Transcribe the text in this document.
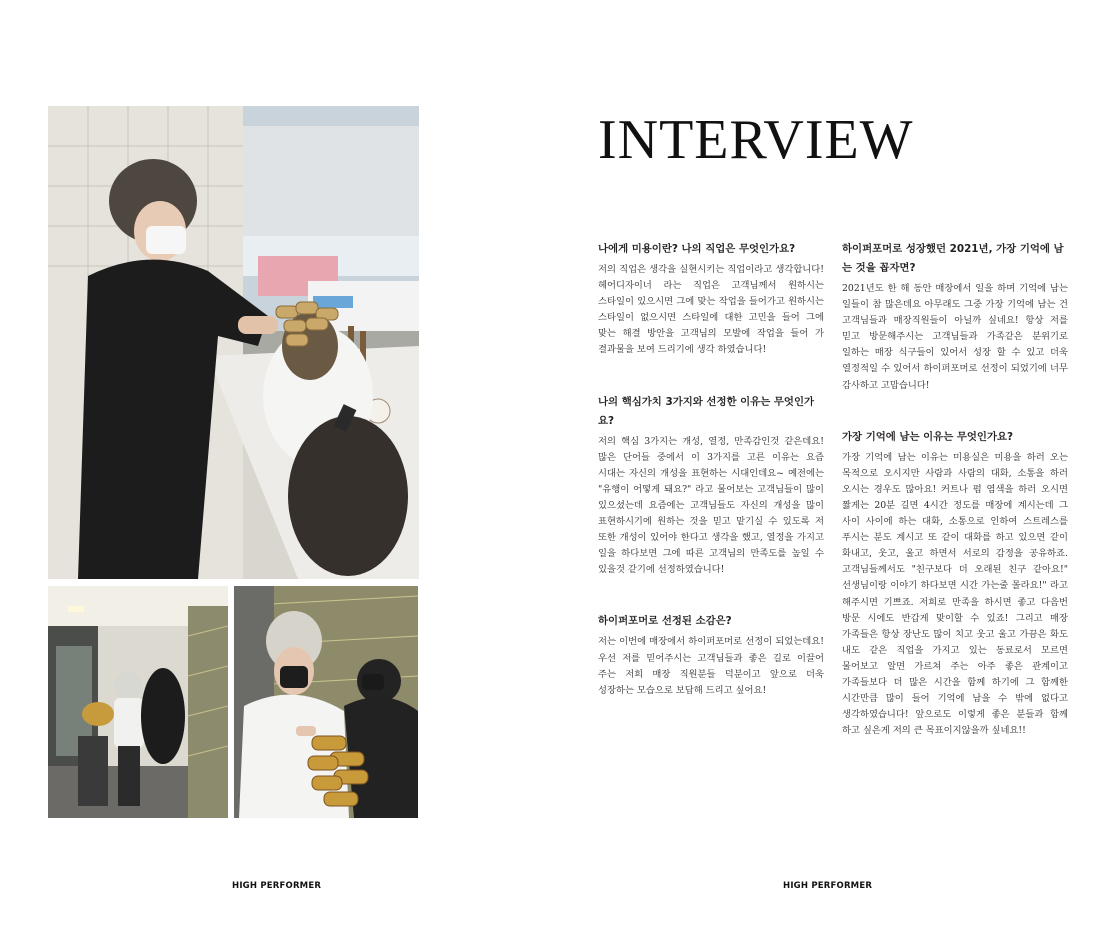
INTERVIEW

나에게 미용이란? 나의 직업은 무엇인가요?

저의 직업은 생각을 실현시키는 직업이라고 생각합니다! 헤어디자이너 라는 직업은 고객님께서 원하시는 스타일이 있으시면 그에 맞는 작업을 들어가고 원하시는 스타일이 없으시면 스타일에 대한 고민을 들어 그에 맞는 해결 방안을 고객님의 모발에 작업을 들어 가 결과물을 보여 드리기에 생각 하였습니다!

나의 핵심가치 3가지와 선정한 이유는 무엇인가요?

저의 핵심 3가지는 개성, 열정, 만족감인것 같은데요! 많은 단어들 중에서 이 3가지를 고른 이유는 요즘 시대는 자신의 개성을 표현하는 시대인데요~ 예전에는 "유행이 어떻게 돼요?" 라고 물어보는 고객님들이 많이 있으셨는데 요즘에는 고객님들도 자신의 개성을 많이 표현하시기에 원하는 것을 믿고 맡기실 수 있도록 저 또한 개성이 있어야 한다고 생각을 했고, 열정을 가지고 일을 하다보면 그에 따른 고객님의 만족도를 높일 수 있을것 같기에 선정하였습니다!

하이퍼포머로 선정된 소감은?

저는 이번에 매장에서 하이퍼포머로 선정이 되었는데요! 우선 저를 믿어주시는 고객님들과 좋은 길로 이끌어 주는 저희 매장 직원분들 덕분이고 앞으로 더욱 성장하는 모습으로 보답해 드리고 싶어요!

하이퍼포머로 성장했던 2021년, 가장 기억에 남는 것을 꼽자면?

2021년도 한 해 동안 매장에서 일을 하며 기억에 남는 일들이 참 많은데요 아무래도 그중 가장 기억에 남는 건 고객님들과 매장직원들이 아닐까 싶네요! 항상 저를 믿고 방문해주시는 고객님들과 가족같은 분위기로 일하는 매장 식구들이 있어서 성장 할 수 있고 더욱 열정적일 수 있어서 하이퍼포머로 선정이 되었기에 너무 감사하고 고맙습니다!

가장 기억에 남는 이유는 무엇인가요?

가장 기억에 남는 이유는 미용실은 미용을 하러 오는 목적으로 오시지만 사람과 사람의 대화, 소통을 하러 오시는 경우도 많아요! 커트나 펌 염색을 하러 오시면 짧게는 20분 길면 4시간 정도를 매장에 계시는데 그 사이 사이에 하는 대화, 소통으로 인하여 스트레스를 푸시는 분도 계시고 또 같이 대화를 하고 있으면 같이 화내고, 웃고, 울고 하면서 서로의 감정을 공유하죠. 고객님들께서도 "친구보다 더 오래된 친구 같아요!" 선생님이랑 이야기 하다보면 시간 가는줄 몰라요!" 라고 해주시면 기쁘죠. 저희로 만족을 하시면 좋고 다음번 방문 시에도 반갑게 맞이할 수 있죠! 그리고 매장 가족들은 항상 장난도 많이 치고 웃고 울고 가끔은 화도 내도 같은 직업을 가지고 있는 동료로서 모르면 물어보고 알면 가르쳐 주는 아주 좋은 관계이고 가족들보다 더 많은 시간을 함께 하기에 그 함께한 시간만큼 많이 들어 기억에 남을 수 밖에 없다고 생각하였습니다! 앞으로도 이렇게 좋은 분들과 함께 하고 싶은게 저의 큰 목표이지않을까 싶네요!!

HIGH PERFORMER	HIGH PERFORMER
